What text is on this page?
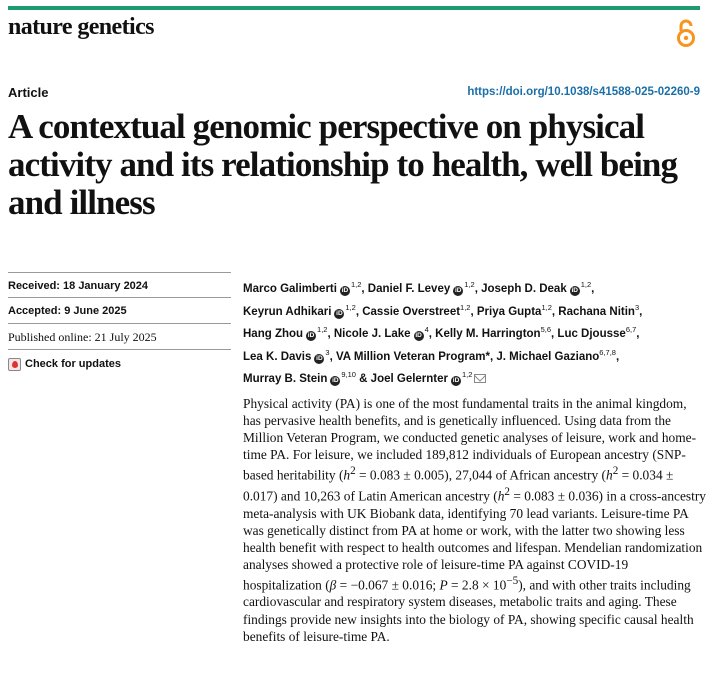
nature genetics
Article	https://doi.org/10.1038/s41588-025-02260-9
A contextual genomic perspective on physical activity and its relationship to health, well being and illness
Received: 18 January 2024
Accepted: 9 June 2025
Published online: 21 July 2025
Check for updates
Marco Galimberti iD$^{1,2}$, Daniel F. Levey iD$^{1,2}$, Joseph D. Deak iD$^{1,2}$,
Keyrun Adhikari iD$^{1,2}$, Cassie Overstreet$^{1,2}$, Priya Gupta$^{1,2}$, Rachana Nitin$^3$,
Hang Zhou iD$^{1,2}$, Nicole J. Lake iD$^4$, Kelly M. Harrington$^{5,6}$, Luc Djousse$^{6,7}$,
Lea K. Davis iD$^3$, VA Million Veteran Program*, J. Michael Gaziano$^{6,7,8}$,
Murray B. Stein iD$^{9,10}$ & Joel Gelernter iD$^{1,2}$

Physical activity (PA) is one of the most fundamental traits in the animal kingdom, has pervasive health benefits, and is genetically influenced. Using data from the Million Veteran Program, we conducted genetic analyses of leisure, work and home-time PA. For leisure, we included 189,812 individuals of European ancestry (SNP-based heritability $(h^2 = 0.083 \pm 0.005)$, 27,044 of African ancestry $(h^2 = 0.034 \pm 0.017)$ and 10,263 of Latin American ancestry $(h^2 = 0.083 \pm 0.036)$ in a cross-ancestry meta-analysis with UK Biobank data, identifying 70 lead variants. Leisure-time PA was genetically distinct from PA at home or work, with the latter two showing less health benefit with respect to health outcomes and lifespan. Mendelian randomization analyses showed a protective role of leisure-time PA against COVID-19 hospitalization (β = −0.067 ± 0.016; $P = 2.8 \times 10^{-5}$), and with other traits including cardiovascular and respiratory system diseases, metabolic traits and aging. These findings provide new insights into the biology of PA, showing specific causal health benefits of leisure-time PA.
